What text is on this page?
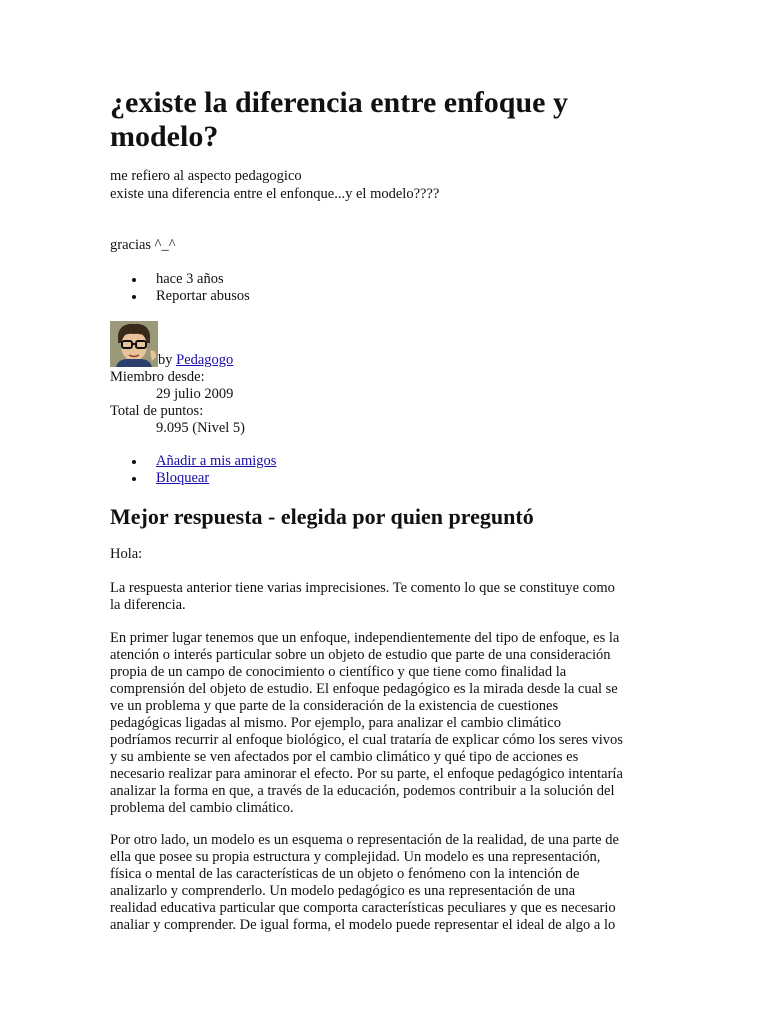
¿existe la diferencia entre enfoque y modelo?
me refiero al aspecto pedagogico
existe una diferencia entre el enfonque...y el modelo????
gracias ^_^
hace 3 años
Reportar abusos
by Pedagogo
Miembro desde:
29 julio 2009
Total de puntos:
9.095 (Nivel 5)
Añadir a mis amigos
Bloquear
Mejor respuesta - elegida por quien preguntó
Hola:
La respuesta anterior tiene varias imprecisiones. Te comento lo que se constituye como
la diferencia.
En primer lugar tenemos que un enfoque, independientemente del tipo de enfoque, es la
atención o interés particular sobre un objeto de estudio que parte de una consideración
propia de un campo de conocimiento o científico y que tiene como finalidad la
comprensión del objeto de estudio. El enfoque pedagógico es la mirada desde la cual se
ve un problema y que parte de la consideración de la existencia de cuestiones
pedagógicas ligadas al mismo. Por ejemplo, para analizar el cambio climático
podríamos recurrir al enfoque biológico, el cual trataría de explicar cómo los seres vivos
y su ambiente se ven afectados por el cambio climático y qué tipo de acciones es
necesario realizar para aminorar el efecto. Por su parte, el enfoque pedagógico intentaría
analizar la forma en que, a través de la educación, podemos contribuir a la solución del
problema del cambio climático.
Por otro lado, un modelo es un esquema o representación de la realidad, de una parte de
ella que posee su propia estructura y complejidad. Un modelo es una representación,
física o mental de las características de un objeto o fenómeno con la intención de
analizarlo y comprenderlo. Un modelo pedagógico es una representación de una
realidad educativa particular que comporta características peculiares y que es necesario
analiar y comprender. De igual forma, el modelo puede representar el ideal de algo a lo
